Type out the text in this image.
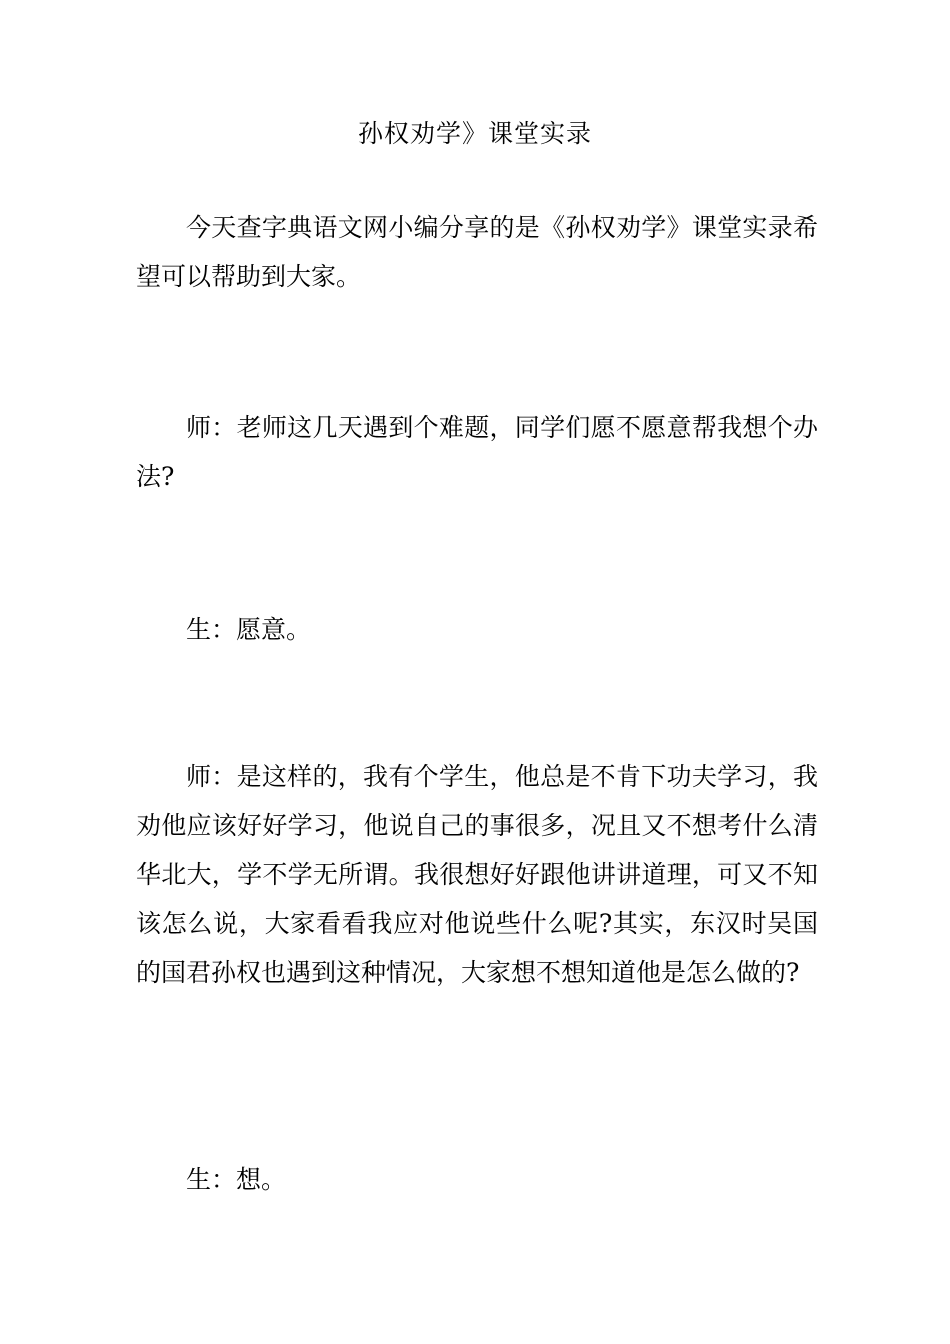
孙权劝学》课堂实录

今天查字典语文网小编分享的是《孙权劝学》课堂实录希望可以帮助到大家。

师：老师这几天遇到个难题，同学们愿不愿意帮我想个办法?

生：愿意。

师：是这样的，我有个学生，他总是不肯下功夫学习，我劝他应该好好学习，他说自己的事很多，况且又不想考什么清华北大，学不学无所谓。我很想好好跟他讲讲道理，可又不知该怎么说，大家看看我应对他说些什么呢?其实，东汉时吴国的国君孙权也遇到这种情况，大家想不想知道他是怎么做的?

生：想。
